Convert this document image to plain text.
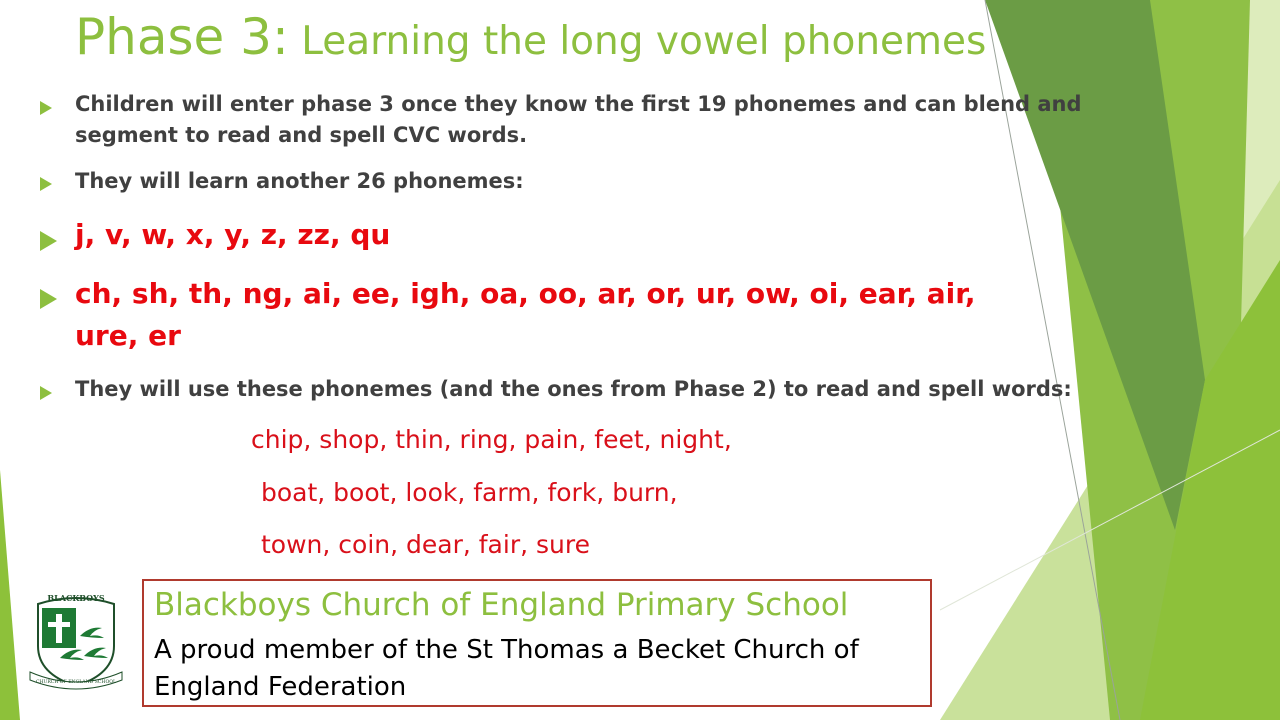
Phase 3: Learning the long vowel phonemes
Children will enter phase 3 once they know the first 19 phonemes and can blend and
segment to read and spell CVC words.
They will learn another 26 phonemes:
j, v, w, x, y, z, zz, qu
ch, sh, th, ng, ai, ee, igh, oa, oo, ar, or, ur, ow, oi, ear, air,
ure, er
They will use these phonemes (and the ones from Phase 2) to read and spell words:
chip, shop, thin, ring, pain, feet, night,
boat, boot, look, farm, fork, burn,
town, coin, dear, fair, sure
BLACKBOYS
CHURCH OF ENGLAND SCHOOL
Blackboys Church of England Primary School
A proud member of the St Thomas a Becket Church of
England Federation
